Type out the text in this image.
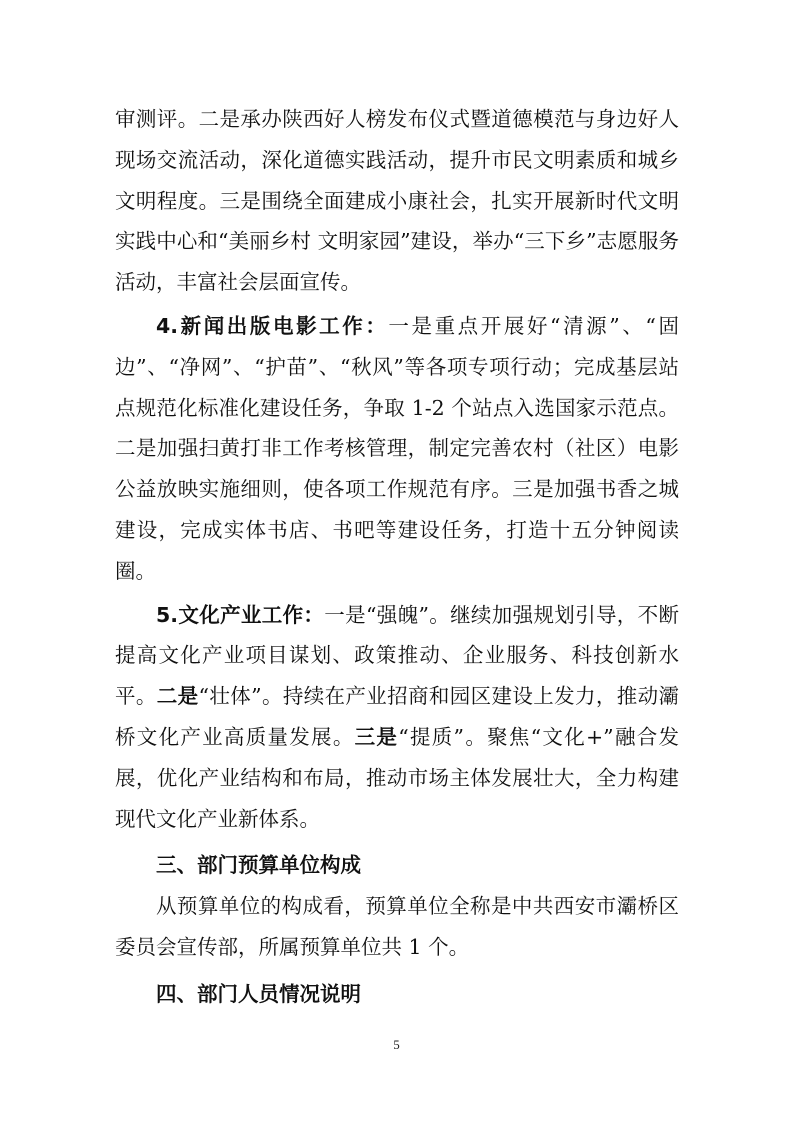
审测评。二是承办陕西好人榜发布仪式暨道德模范与身边好人现场交流活动，深化道德实践活动，提升市民文明素质和城乡文明程度。三是围绕全面建成小康社会，扎实开展新时代文明实践中心和“美丽乡村 文明家园”建设，举办“三下乡”志愿服务活动，丰富社会层面宣传。

4.新闻出版电影工作：一是重点开展好“清源”、“固边”、“净网”、“护苗”、“秋风”等各项专项行动；完成基层站点规范化标准化建设任务，争取 1-2 个站点入选国家示范点。二是加强扫黄打非工作考核管理，制定完善农村（社区）电影公益放映实施细则，使各项工作规范有序。三是加强书香之城建设，完成实体书店、书吧等建设任务，打造十五分钟阅读圈。

5.文化产业工作：一是“强魄”。继续加强规划引导，不断提高文化产业项目谋划、政策推动、企业服务、科技创新水平。二是“壮体”。持续在产业招商和园区建设上发力，推动灞桥文化产业高质量发展。三是“提质”。聚焦“文化+”融合发展，优化产业结构和布局，推动市场主体发展壮大，全力构建现代文化产业新体系。

三、部门预算单位构成

从预算单位的构成看，预算单位全称是中共西安市灞桥区委员会宣传部，所属预算单位共 1 个。

四、部门人员情况说明

5
